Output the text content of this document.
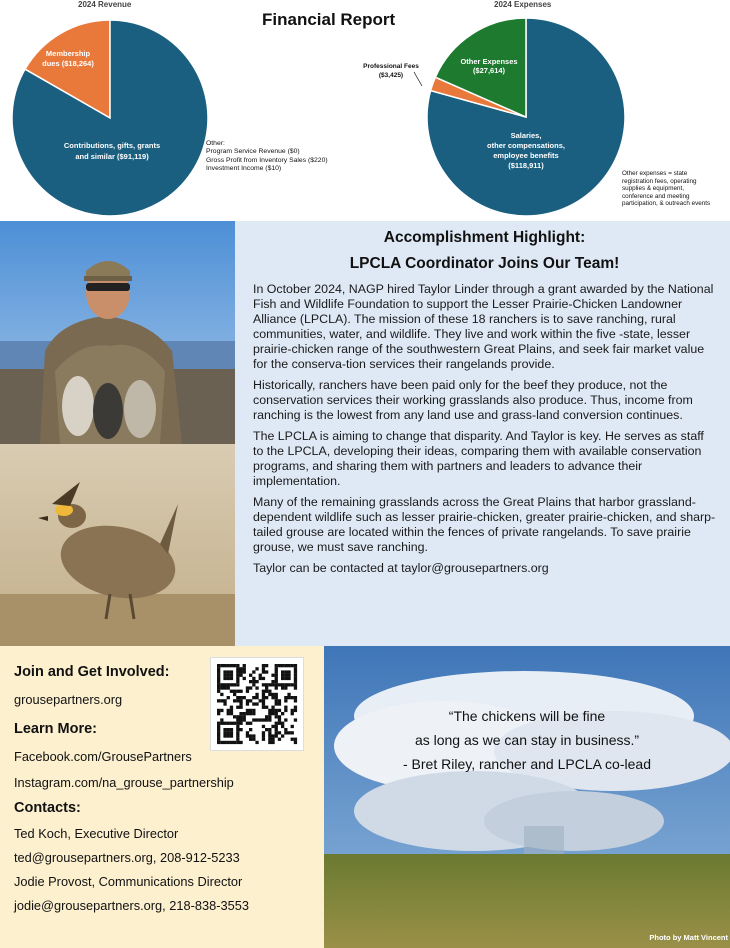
Financial Report
2024 Revenue
Membership
dues ($18,264)
Contributions, gifts, grants
and similar ($91,119)
Other:
Program Service Revenue ($0)
Gross Profit from Inventory Sales ($220)
Investment Income ($10)
2024 Expenses
Other Expenses
($27,614)
Professional Fees
($3,425)
Salaries,
other compensations,
employee benefits
($118,911)
Other expenses = state
registration fees, operating
supplies & equipment,
conference and meeting
participation, & outreach events
Accomplishment Highlight:
LPCLA Coordinator Joins Our Team!

In October 2024, NAGP hired Taylor Linder through a grant awarded by the National Fish and Wildlife Foundation to support the Lesser Prairie-Chicken Landowner Alliance (LPCLA). The mission of these 18 ranchers is to save ranching, rural communities, water, and wildlife. They live and work within the five -state, lesser prairie-chicken range of the southwestern Great Plains, and seek fair market value for the conserva-tion services their rangelands provide.

Historically, ranchers have been paid only for the beef they produce, not the conservation services their working grasslands also produce. Thus, income from ranching is the lowest from any land use and grass-land conversion continues.

The LPCLA is aiming to change that disparity. And Taylor is key. He serves as staff to the LPCLA, developing their ideas, comparing them with available conservation programs, and sharing them with partners and leaders to advance their implementation.

Many of the remaining grasslands across the Great Plains that harbor grassland-dependent wildlife such as lesser prairie-chicken, greater prairie-chicken, and sharp-tailed grouse are located within the fences of private rangelands. To save prairie grouse, we must save ranching.

Taylor can be contacted at taylor@grousepartners.org

Join and Get Involved:
grousepartners.org
Learn More:
Facebook.com/GrousePartners
Instagram.com/na_grouse_partnership
Contacts:
Ted Koch, Executive Director
ted@grousepartners.org, 208-912-5233
Jodie Provost, Communications Director
jodie@grousepartners.org, 218-838-3553
“The chickens will be fine
as long as we can stay in business.”
- Bret Riley, rancher and LPCLA co-lead
Photo by Matt Vincent
